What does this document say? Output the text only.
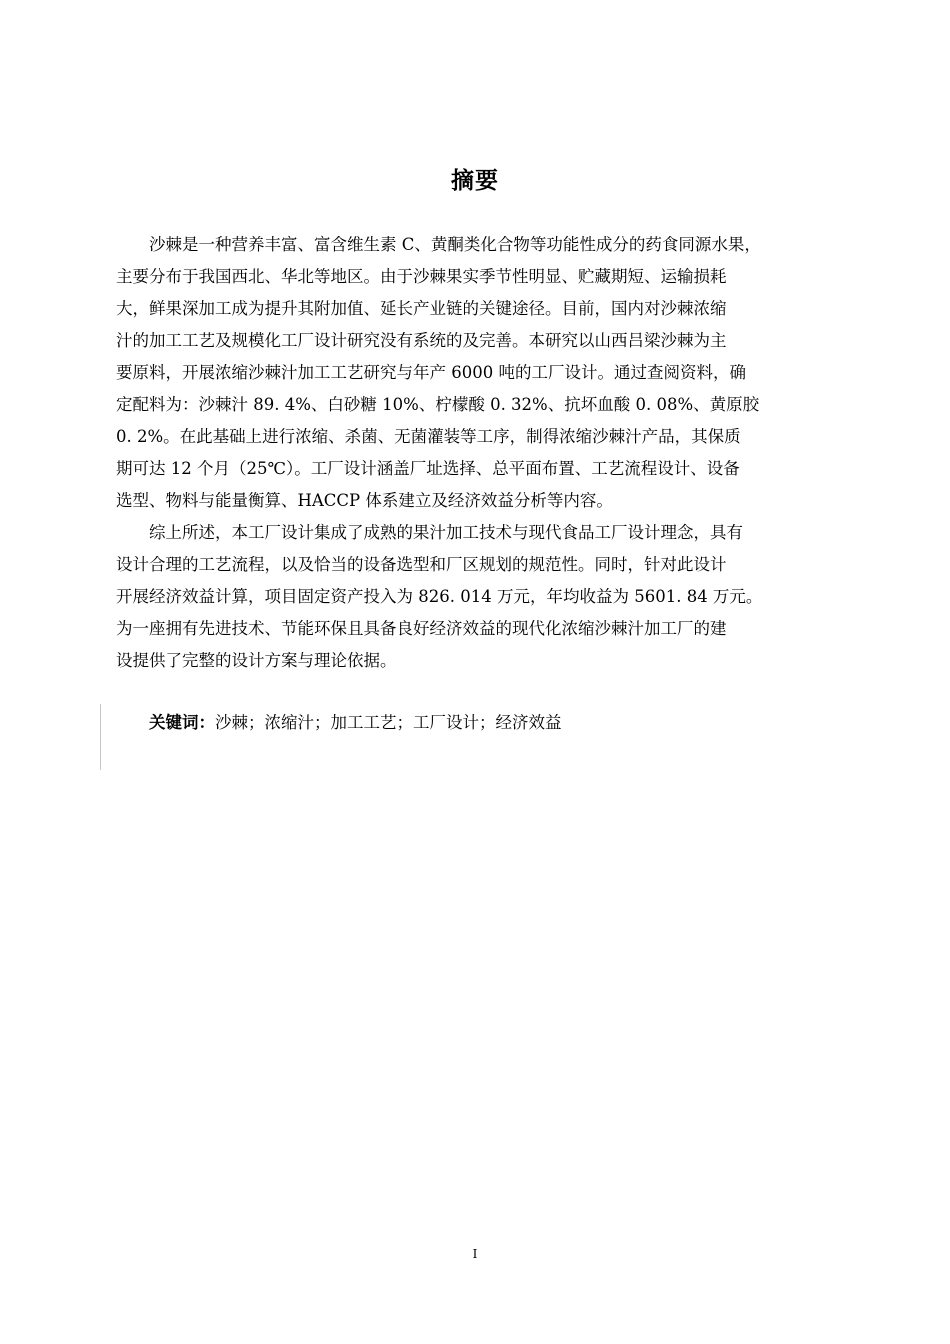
摘要
沙棘是一种营养丰富、富含维生素 C、黄酮类化合物等功能性成分的药食同源水果，
主要分布于我国西北、华北等地区。由于沙棘果实季节性明显、贮藏期短、运输损耗
大，鲜果深加工成为提升其附加值、延长产业链的关键途径。目前，国内对沙棘浓缩
汁的加工工艺及规模化工厂设计研究没有系统的及完善。本研究以山西吕梁沙棘为主
要原料，开展浓缩沙棘汁加工工艺研究与年产 6000 吨的工厂设计。通过查阅资料，确
定配料为：沙棘汁 89. 4%、白砂糖 10%、柠檬酸 0. 32%、抗坏血酸 0. 08%、黄原胶
0. 2%。在此基础上进行浓缩、杀菌、无菌灌装等工序，制得浓缩沙棘汁产品，其保质
期可达 12 个月（25℃）。工厂设计涵盖厂址选择、总平面布置、工艺流程设计、设备
选型、物料与能量衡算、HACCP 体系建立及经济效益分析等内容。
综上所述，本工厂设计集成了成熟的果汁加工技术与现代食品工厂设计理念，具有
设计合理的工艺流程，以及恰当的设备选型和厂区规划的规范性。同时，针对此设计
开展经济效益计算，项目固定资产投入为 826. 014 万元，年均收益为 5601. 84 万元。
为一座拥有先进技术、节能环保且具备良好经济效益的现代化浓缩沙棘汁加工厂的建
设提供了完整的设计方案与理论依据。
关键词：沙棘；浓缩汁；加工工艺；工厂设计；经济效益
I
